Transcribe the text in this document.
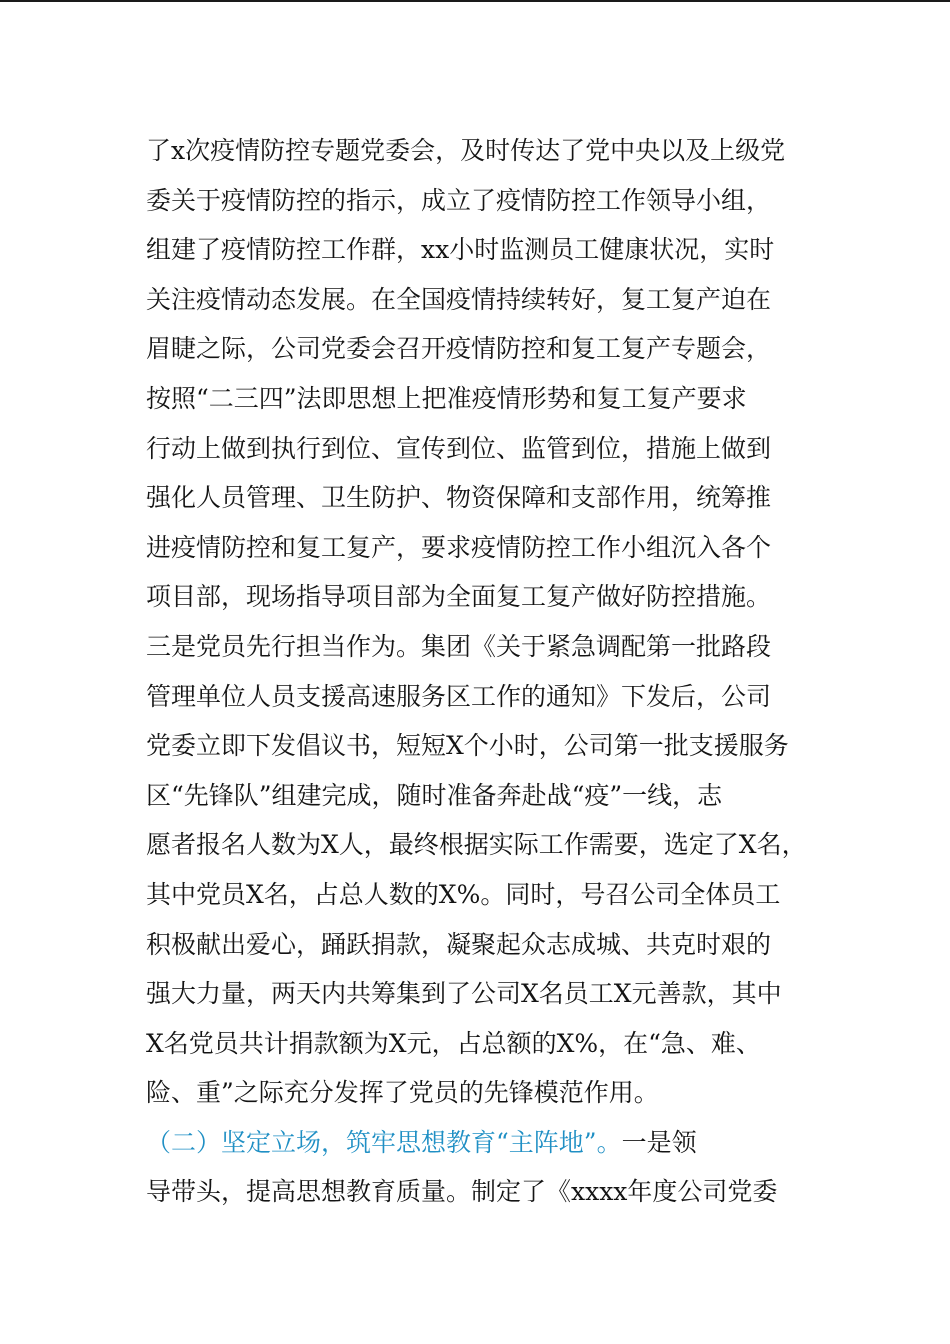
了x次疫情防控专题党委会，及时传达了党中央以及上级党
委关于疫情防控的指示，成立了疫情防控工作领导小组，
组建了疫情防控工作群，xx小时监测员工健康状况，实时
关注疫情动态发展。在全国疫情持续转好，复工复产迫在
眉睫之际，公司党委会召开疫情防控和复工复产专题会，
按照“二三四”法即思想上把准疫情形势和复工复产要求
行动上做到执行到位、宣传到位、监管到位，措施上做到
强化人员管理、卫生防护、物资保障和支部作用，统筹推
进疫情防控和复工复产，要求疫情防控工作小组沉入各个
项目部，现场指导项目部为全面复工复产做好防控措施。
三是党员先行担当作为。集团《关于紧急调配第一批路段
管理单位人员支援高速服务区工作的通知》下发后，公司
党委立即下发倡议书，短短X个小时，公司第一批支援服务
区“先锋队”组建完成，随时准备奔赴战“疫”一线，志
愿者报名人数为X人，最终根据实际工作需要，选定了X名，
其中党员X名，占总人数的X%。同时，号召公司全体员工
积极献出爱心，踊跃捐款，凝聚起众志成城、共克时艰的
强大力量，两天内共筹集到了公司X名员工X元善款，其中
X名党员共计捐款额为X元，占总额的X%，在“急、难、
险、重”之际充分发挥了党员的先锋模范作用。
（二）坚定立场，筑牢思想教育“主阵地”。一是领
导带头，提高思想教育质量。制定了《xxxx年度公司党委
